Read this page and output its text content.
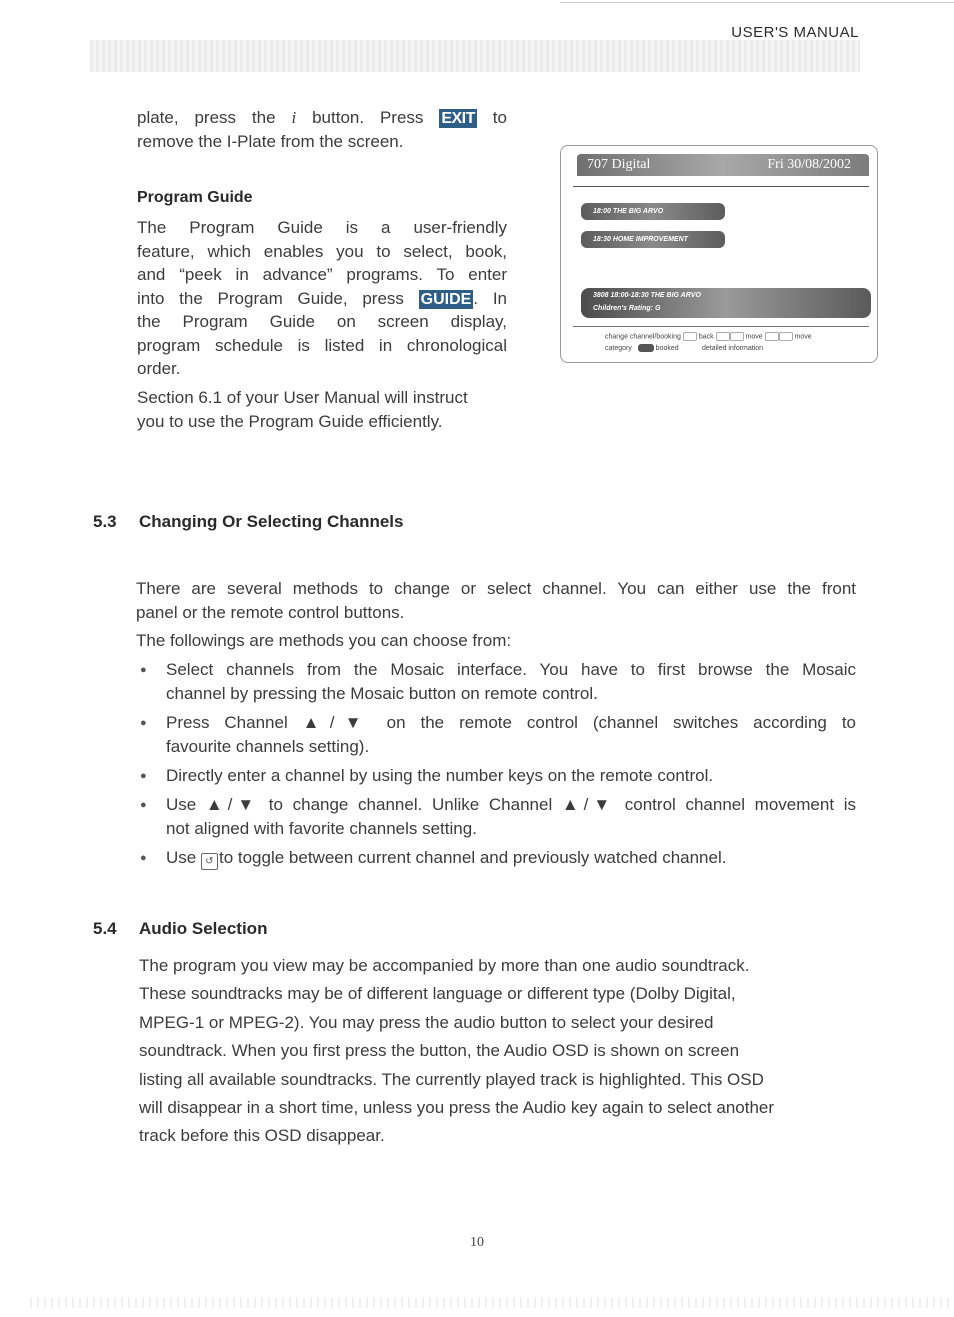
USER'S MANUAL
plate, press the i button. Press EXIT to
remove the I-Plate from the screen.
Program Guide
The Program Guide is a user-friendly
feature, which enables you to select, book,
and “peek in advance” programs. To enter
into the Program Guide, press GUIDE . In
the Program Guide on screen display,
program schedule is listed in chronological
order.
Section 6.1 of your User Manual will instruct
you to use the Program Guide efficiently.
707 Digital	Fri 30/08/2002
18:00 THE BIG ARVO
18:30 HOME IMPROVEMENT
3808 18:00-18:30 THE BIG ARVO
Children's Rating: G
change channel/booking	back	move	move
category	booked	detailed information
5.3 Changing Or Selecting Channels
There are several methods to change or select channel. You can either use the front
panel or the remote control buttons.
The followings are methods you can choose from:
● Select channels from the Mosaic interface. You have to first browse the Mosaic
channel by pressing the Mosaic button on remote control.
● Press Channel ▲/▼ on the remote control (channel switches according to
favourite channels setting).
● Directly enter a channel by using the number keys on the remote control.
● Use ▲/▼ to change channel. Unlike Channel ▲/▼ control channel movement is
not aligned with favorite channels setting.
● Use ↺ to toggle between current channel and previously watched channel.
5.4 Audio Selection
The program you view may be accompanied by more than one audio soundtrack.
These soundtracks may be of different language or different type (Dolby Digital,
MPEG-1 or MPEG-2). You may press the audio button to select your desired
soundtrack. When you first press the button, the Audio OSD is shown on screen
listing all available soundtracks. The currently played track is highlighted. This OSD
will disappear in a short time, unless you press the Audio key again to select another
track before this OSD disappear.
10
